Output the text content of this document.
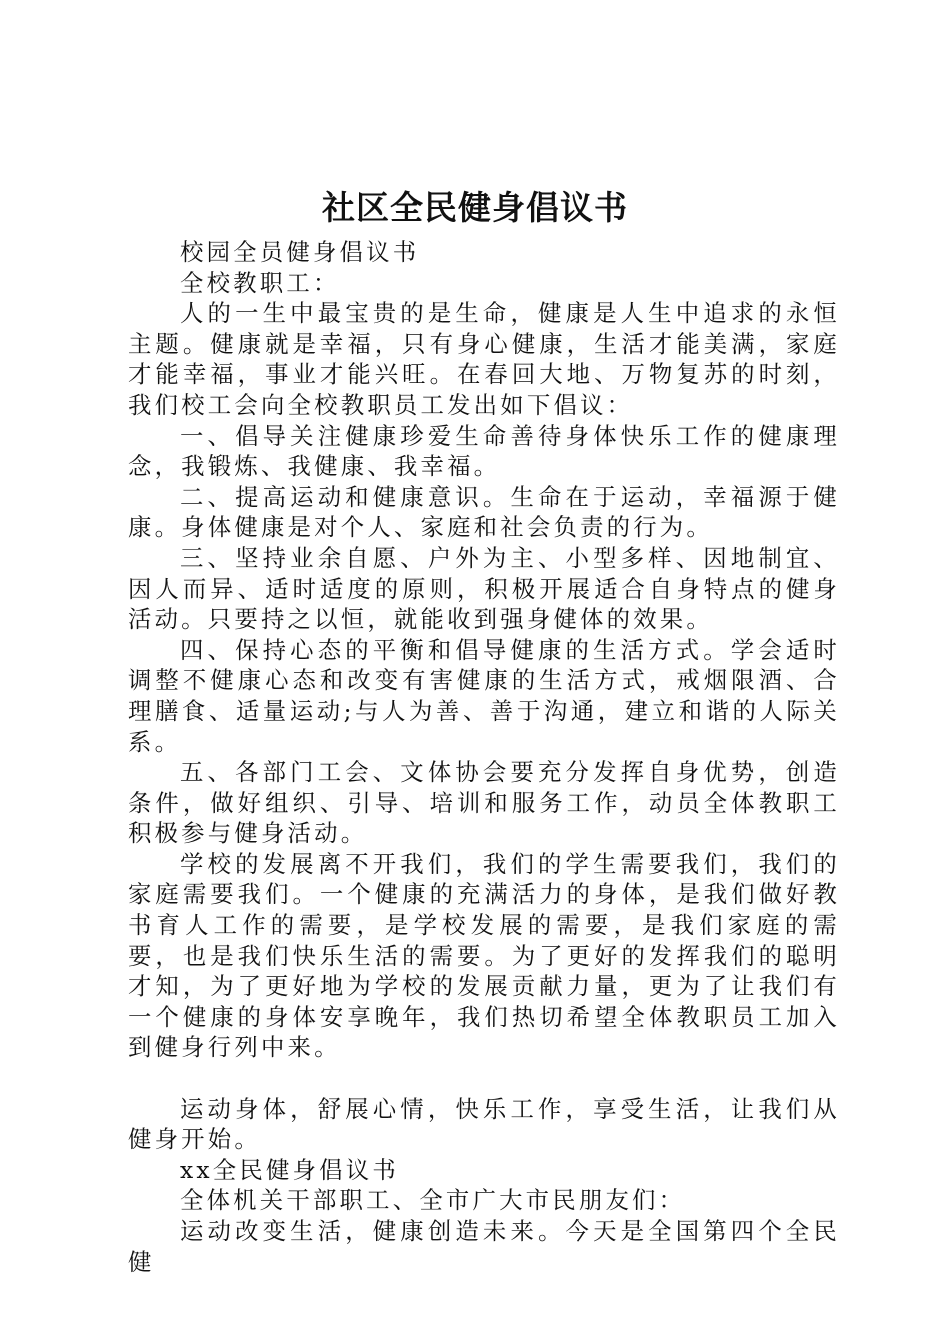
社区全民健身倡议书

校园全员健身倡议书

全校教职工：

人的一生中最宝贵的是生命，健康是人生中追求的永恒主题。健康就是幸福，只有身心健康，生活才能美满，家庭才能幸福，事业才能兴旺。在春回大地、万物复苏的时刻，我们校工会向全校教职员工发出如下倡议：

一、倡导关注健康珍爱生命善待身体快乐工作的健康理念，我锻炼、我健康、我幸福。

二、提高运动和健康意识。生命在于运动，幸福源于健康。身体健康是对个人、家庭和社会负责的行为。

三、坚持业余自愿、户外为主、小型多样、因地制宜、因人而异、适时适度的原则，积极开展适合自身特点的健身活动。只要持之以恒，就能收到强身健体的效果。

四、保持心态的平衡和倡导健康的生活方式。学会适时调整不健康心态和改变有害健康的生活方式，戒烟限酒、合理膳食、适量运动;与人为善、善于沟通，建立和谐的人际关系。

五、各部门工会、文体协会要充分发挥自身优势，创造条件，做好组织、引导、培训和服务工作，动员全体教职工积极参与健身活动。

学校的发展离不开我们，我们的学生需要我们，我们的家庭需要我们。一个健康的充满活力的身体，是我们做好教书育人工作的需要，是学校发展的需要，是我们家庭的需要，也是我们快乐生活的需要。为了更好的发挥我们的聪明才知，为了更好地为学校的发展贡献力量，更为了让我们有一个健康的身体安享晚年，我们热切希望全体教职员工加入到健身行列中来。

运动身体，舒展心情，快乐工作，享受生活，让我们从健身开始。

xx全民健身倡议书

全体机关干部职工、全市广大市民朋友们：

运动改变生活，健康创造未来。今天是全国第四个全民健
